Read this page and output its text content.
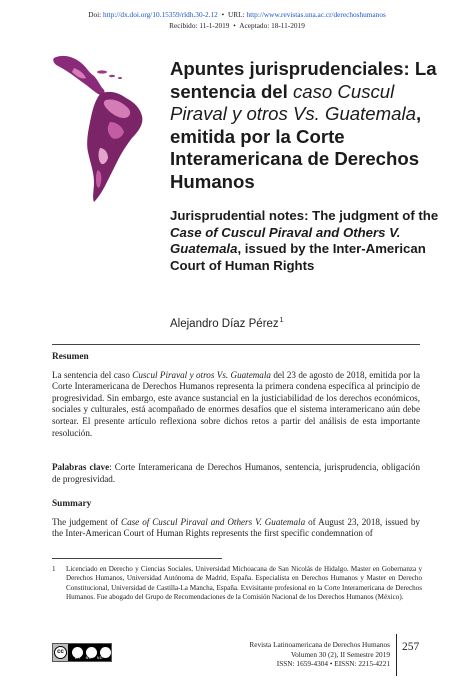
Doi: http://dx.doi.org/10.15359/rldh.30-2.12 • URL: http://www.revistas.una.ac.cr/derechoshumanos
Recibido: 11-1-2019 • Aceptado: 18-11-2019
Apuntes jurisprudenciales: La sentencia del caso Cuscul Piraval y otros Vs. Guatemala, emitida por la Corte Interamericana de Derechos Humanos
Jurisprudential notes: The judgment of the Case of Cuscul Piraval and Others V. Guatemala, issued by the Inter-American Court of Human Rights
Alejandro Díaz Pérez$^1$
Resumen
La sentencia del caso Cuscul Piraval y otros Vs. Guatemala del 23 de agosto de 2018, emitida por la Corte Interamericana de Derechos Humanos representa la primera condena específica al principio de progresividad. Sin embargo, este avance sustancial en la justiciabilidad de los derechos económicos, sociales y culturales, está acompañado de enormes desafíos que el sistema interamericano aún debe sortear. El presente artículo reflexiona sobre dichos retos a partir del análisis de esta importante resolución.
Palabras clave: Corte Interamericana de Derechos Humanos, sentencia, jurisprudencia, obligación de progresividad.
Summary
The judgement of Case of Cuscul Piraval and Others V. Guatemala of August 23, 2018, issued by the Inter-American Court of Human Rights represents the first specific condemnation of
1	Licenciado en Derecho y Ciencias Sociales, Universidad Michoacana de San Nicolás de Hidalgo. Master en Gobernanza y Derechos Humanos, Universidad Autónoma de Madrid, España. Especialista en Derechos Humanos y Master en Derecho Constitucional, Universidad de Castilla-La Mancha, España. Exvisitante profesional en la Corte Interamericana de Derechos Humanos. Fue abogado del Grupo de Recomendaciones de la Comisión Nacional de los Derechos Humanos (México).
cc
BY NC ND
Revista Latinoamericana de Derechos Humanos
Volumen 30 (2), II Semestre 2019
ISSN: 1659-4304 • EISSN: 2215-4221
257
